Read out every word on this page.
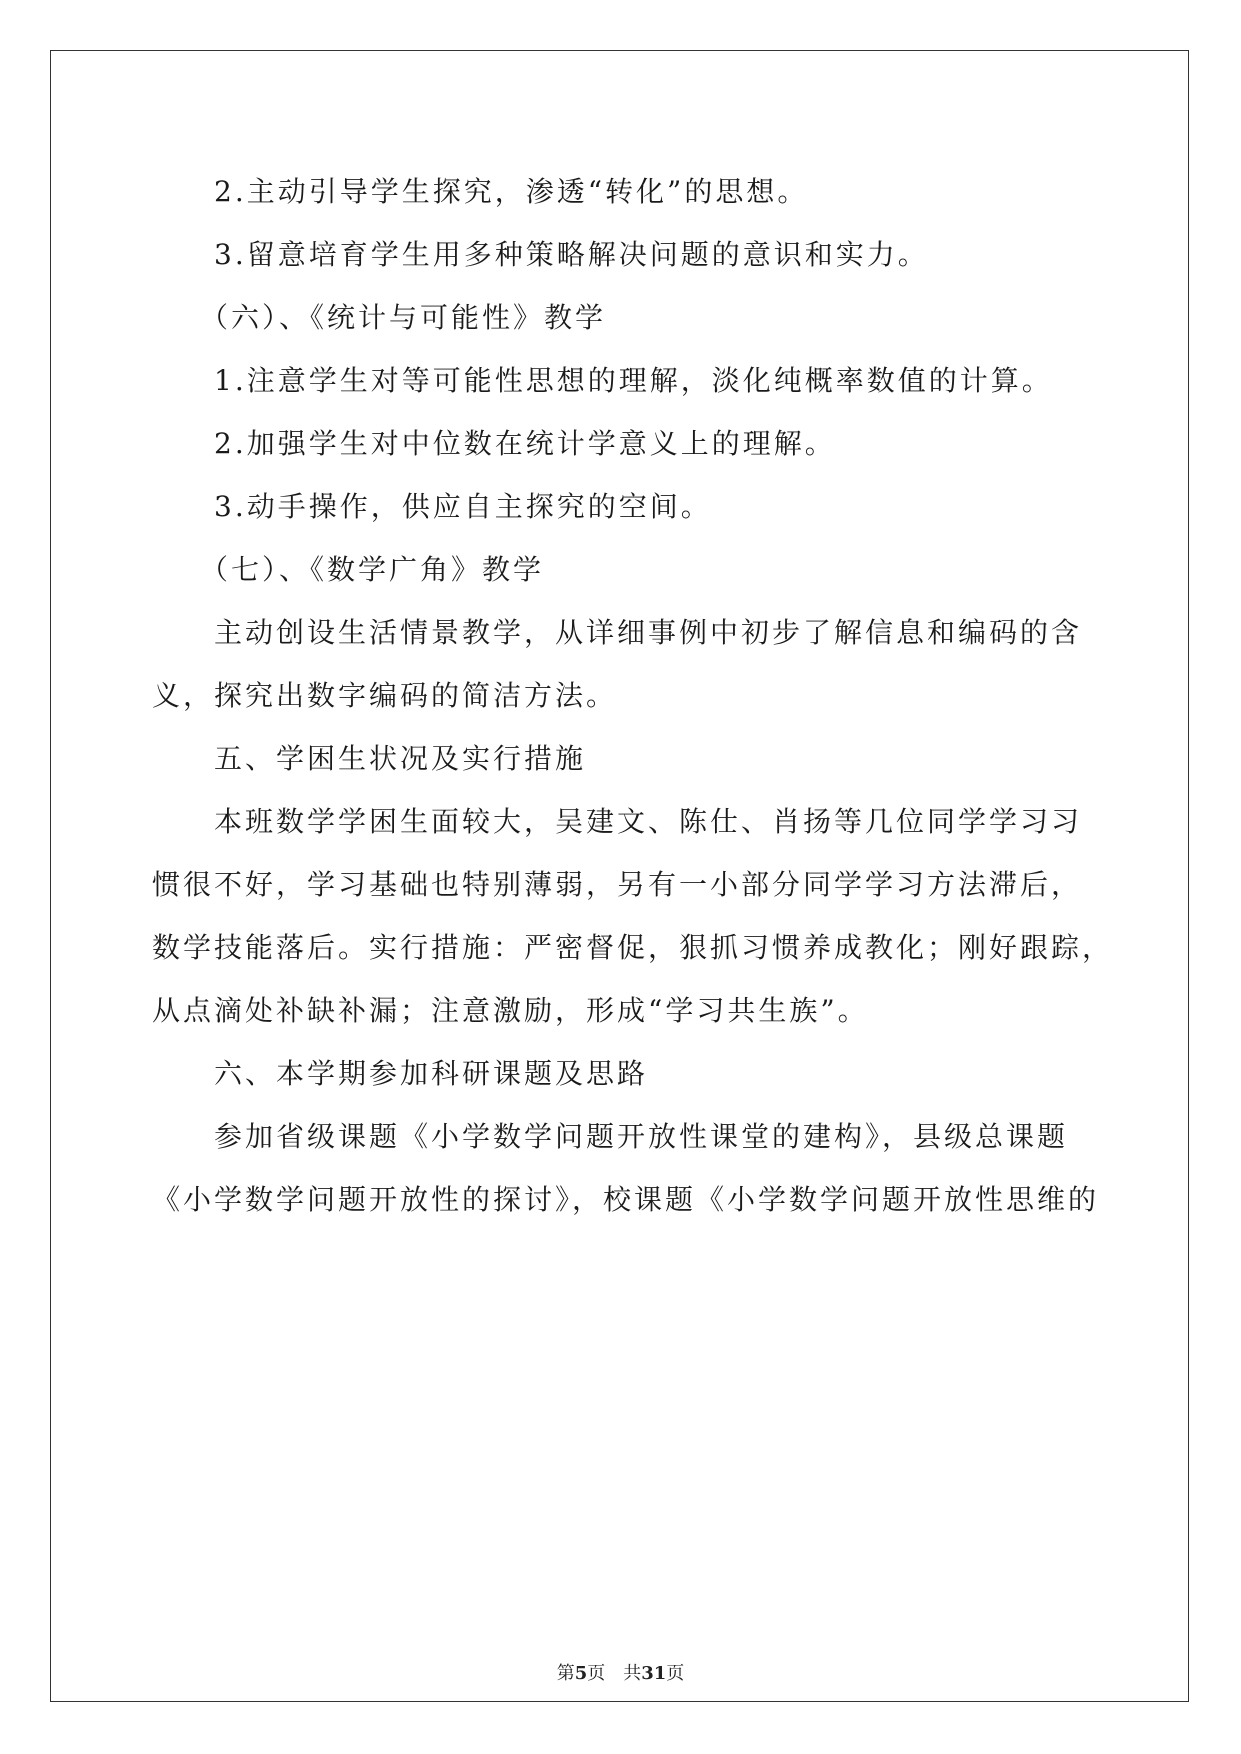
2.主动引导学生探究，渗透“转化”的思想。
3.留意培育学生用多种策略解决问题的意识和实力。
（六）、《统计与可能性》教学
1.注意学生对等可能性思想的理解，淡化纯概率数值的计算。
2.加强学生对中位数在统计学意义上的理解。
3.动手操作，供应自主探究的空间。
（七）、《数学广角》教学
主动创设生活情景教学，从详细事例中初步了解信息和编码的含
义，探究出数字编码的简洁方法。
五、学困生状况及实行措施
本班数学学困生面较大，吴建文、陈仕、肖扬等几位同学学习习
惯很不好，学习基础也特别薄弱，另有一小部分同学学习方法滞后，
数学技能落后。实行措施：严密督促，狠抓习惯养成教化；刚好跟踪，
从点滴处补缺补漏；注意激励，形成“学习共生族”。
六、本学期参加科研课题及思路
参加省级课题《小学数学问题开放性课堂的建构》，县级总课题
《小学数学问题开放性的探讨》，校课题《小学数学问题开放性思维的
第5页　共31页
